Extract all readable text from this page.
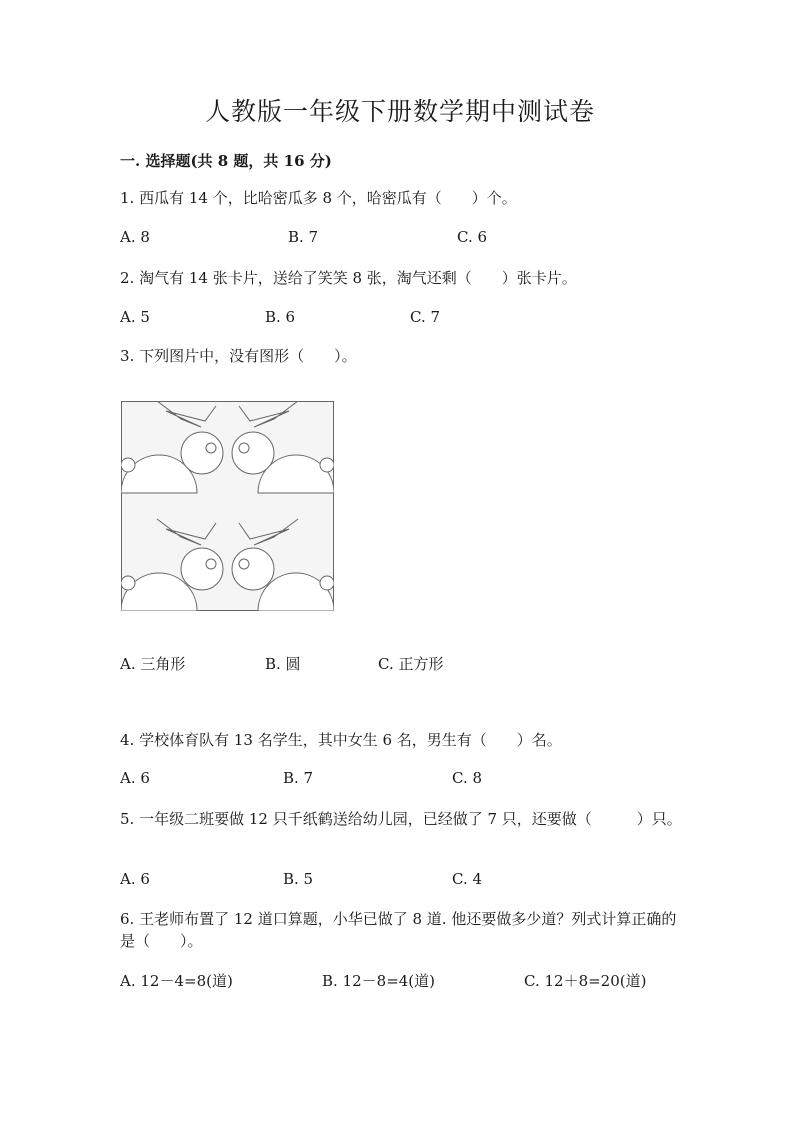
人教版一年级下册数学期中测试卷
一. 选择题(共 8 题，共 16 分)
1. 西瓜有 14 个，比哈密瓜多 8 个，哈密瓜有（　　）个。
A. 8	B. 7	C. 6
2. 淘气有 14 张卡片，送给了笑笑 8 张，淘气还剩（　　）张卡片。
A. 5	B. 6	C. 7
3. 下列图片中，没有图形（　　）。
A. 三角形	B. 圆	C. 正方形
4. 学校体育队有 13 名学生，其中女生 6 名，男生有（　　）名。
A. 6	B. 7	C. 8
5. 一年级二班要做 12 只千纸鹤送给幼儿园，已经做了 7 只，还要做（　　　）只。
A. 6	B. 5	C. 4
6. 王老师布置了 12 道口算题，小华已做了 8 道. 他还要做多少道？列式计算正确的是（　　）。
A. 12－4=8(道)	B. 12－8=4(道)	C. 12＋8=20(道)
